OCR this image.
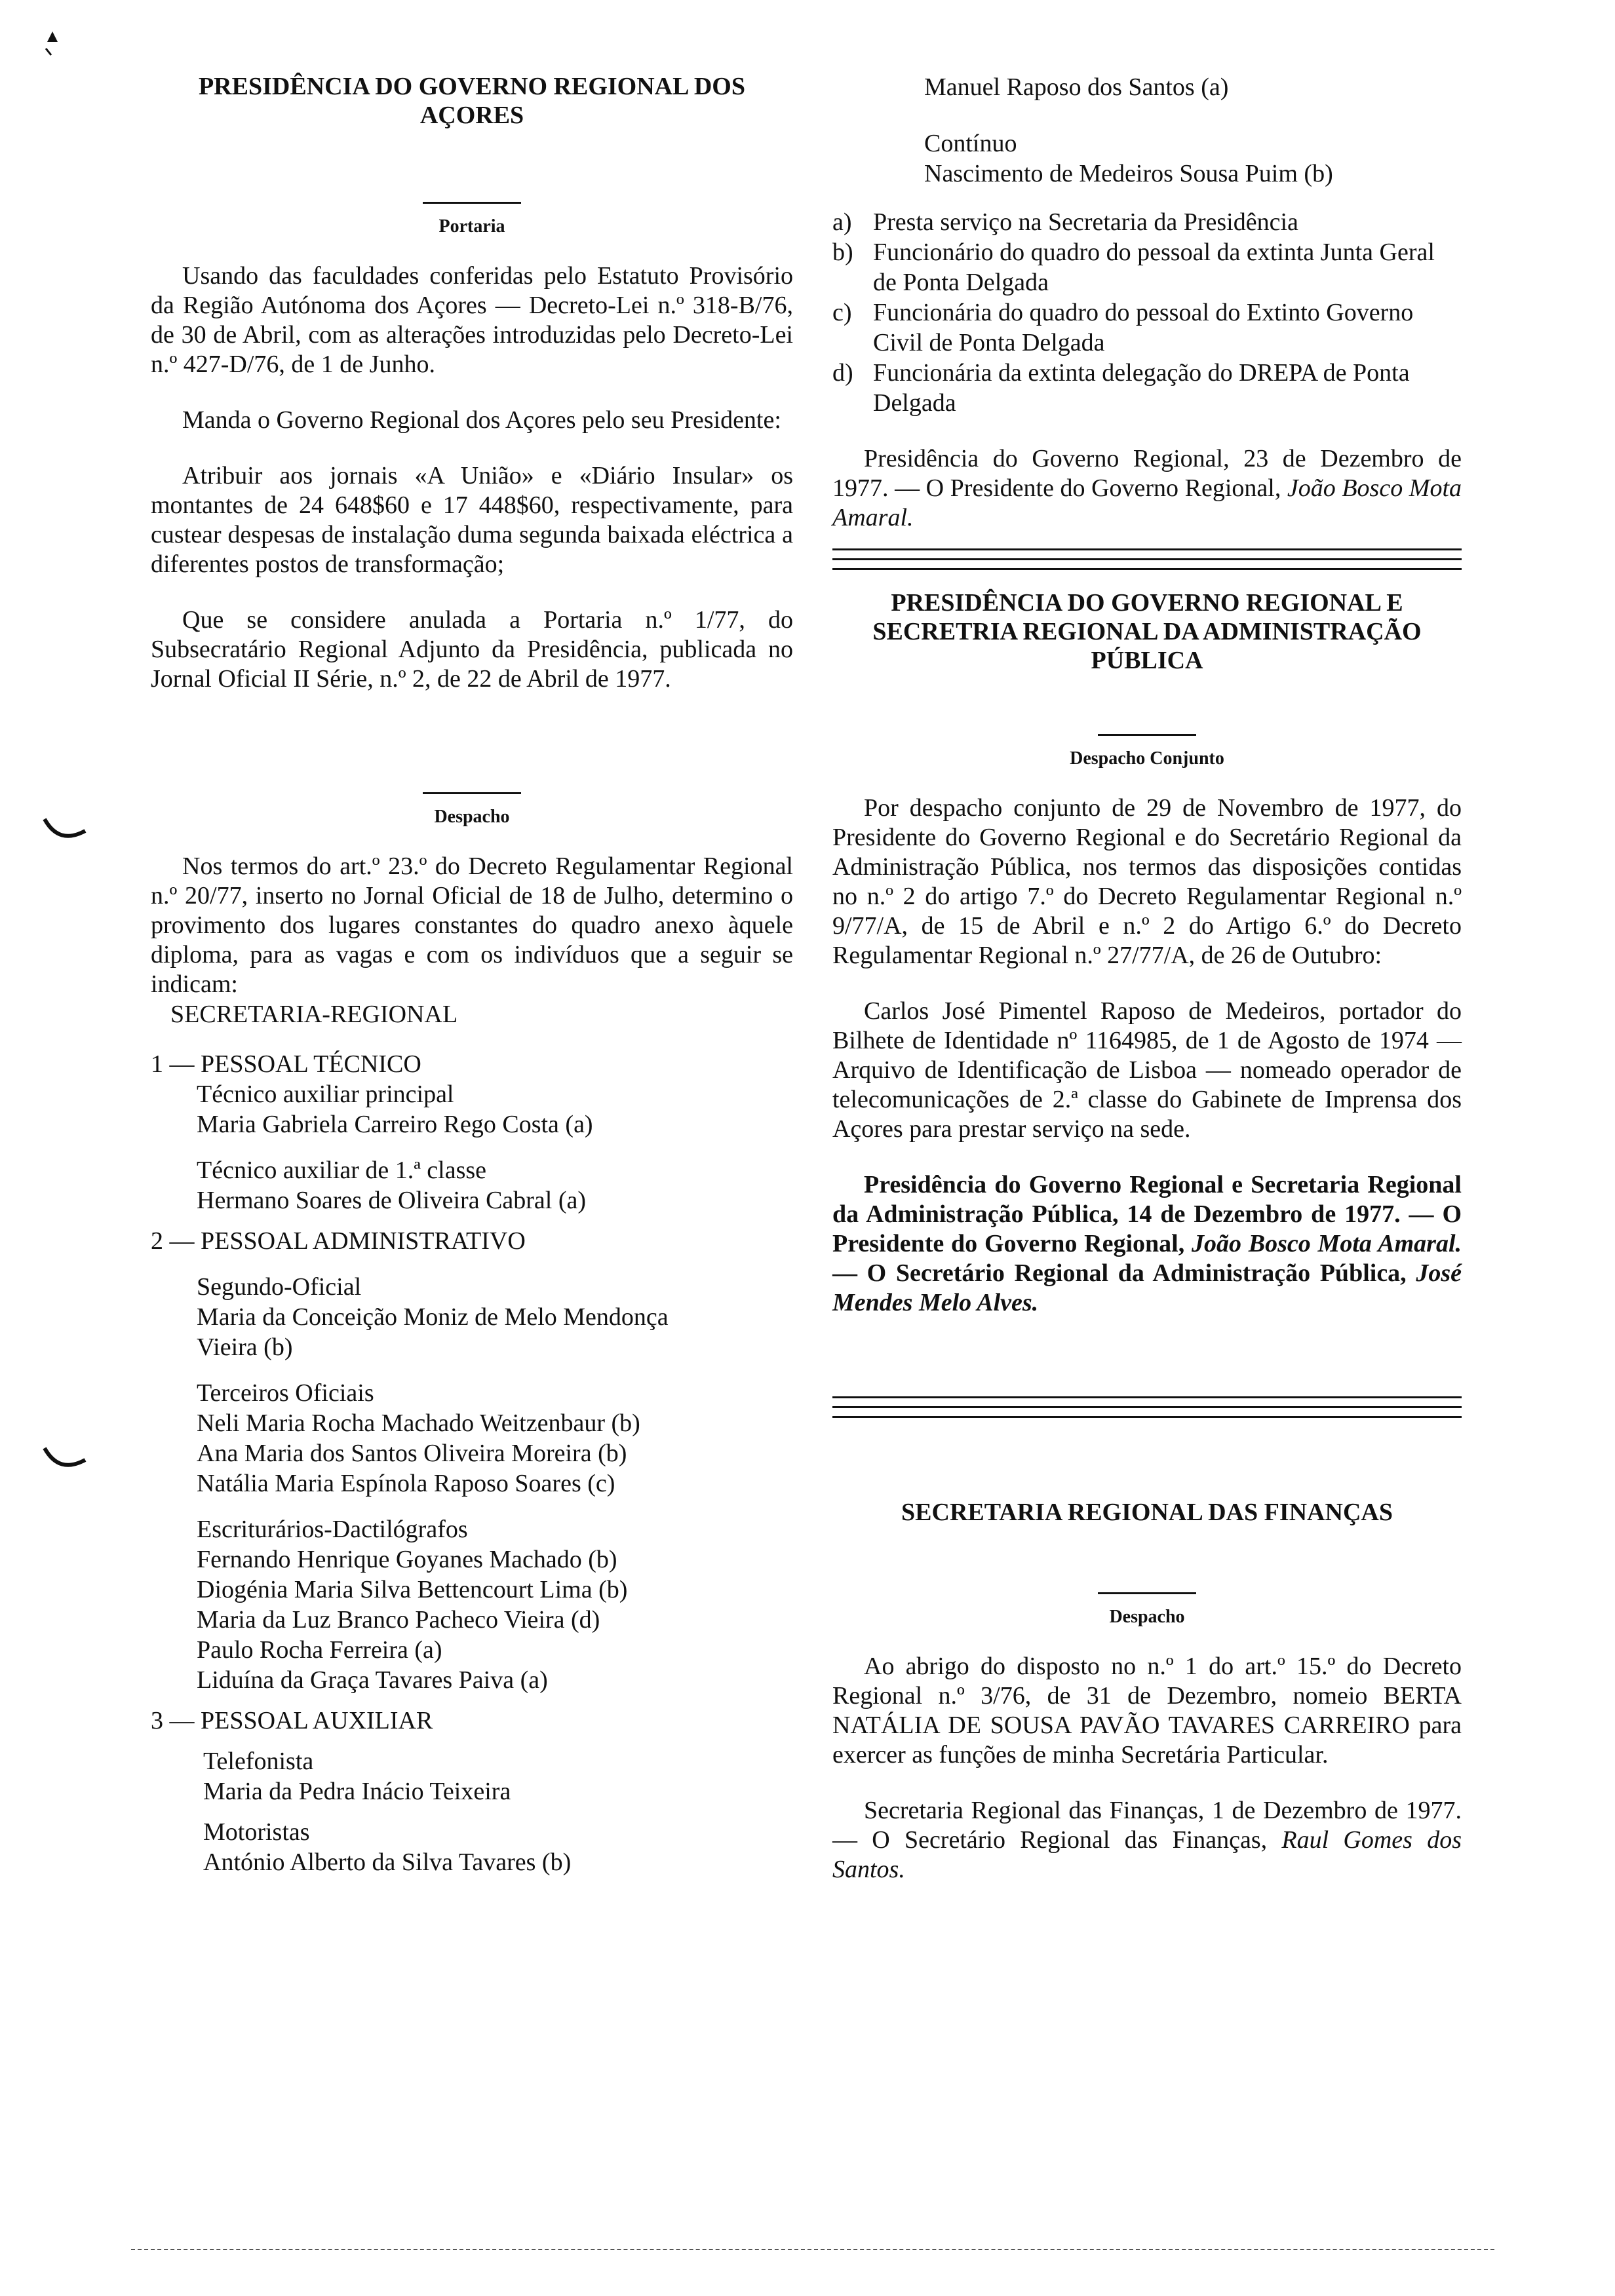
PRESIDÊNCIA DO GOVERNO REGIONAL DOS AÇORES
Portaria

Usando das faculdades conferidas pelo Estatuto Provisório da Região Autónoma dos Açores — Decreto-Lei n.º 318-B/76, de 30 de Abril, com as alterações introduzidas pelo Decreto-Lei n.º 427-D/76, de 1 de Junho.

Manda o Governo Regional dos Açores pelo seu Presidente:

Atribuir aos jornais «A União» e «Diário Insular» os montantes de 24 648$60 e 17 448$60, respectivamente, para custear despesas de instalação duma segunda baixada eléctrica a diferentes postos de transformação;

Que se considere anulada a Portaria n.º 1/77, do Subsecratário Regional Adjunto da Presidência, publicada no Jornal Oficial II Série, n.º 2, de 22 de Abril de 1977.

Despacho

Nos termos do art.º 23.º do Decreto Regulamentar Regional n.º 20/77, inserto no Jornal Oficial de 18 de Julho, determino o provimento dos lugares constantes do quadro anexo àquele diploma, para as vagas e com os indivíduos que a seguir se indicam:

SECRETARIA-REGIONAL
1 — PESSOAL TÉCNICO
Técnico auxiliar principal
Maria Gabriela Carreiro Rego Costa (a)
Técnico auxiliar de 1.ª classe
Hermano Soares de Oliveira Cabral (a)
2 — PESSOAL ADMINISTRATIVO
Segundo-Oficial
Maria da Conceição Moniz de Melo Mendonça
Vieira (b)
Terceiros Oficiais
Neli Maria Rocha Machado Weitzenbaur (b)
Ana Maria dos Santos Oliveira Moreira (b)
Natália Maria Espínola Raposo Soares (c)
Escriturários-Dactilógrafos
Fernando Henrique Goyanes Machado (b)
Diogénia Maria Silva Bettencourt Lima (b)
Maria da Luz Branco Pacheco Vieira (d)
Paulo Rocha Ferreira (a)
Liduína da Graça Tavares Paiva (a)
3 — PESSOAL AUXILIAR
Telefonista
Maria da Pedra Inácio Teixeira
Motoristas
António Alberto da Silva Tavares (b)
Manuel Raposo dos Santos (a)
Contínuo
Nascimento de Medeiros Sousa Puim (b)
a) Presta serviço na Secretaria da Presidência
b) Funcionário do quadro do pessoal da extinta Junta Geral de Ponta Delgada
c) Funcionária do quadro do pessoal do Extinto Governo Civil de Ponta Delgada
d) Funcionária da extinta delegação do DREPA de Ponta Delgada

Presidência do Governo Regional, 23 de Dezembro de 1977. — O Presidente do Governo Regional, João Bosco Mota Amaral.

PRESIDÊNCIA DO GOVERNO REGIONAL E SECRETRIA REGIONAL DA ADMINISTRAÇÃO PÚBLICA
Despacho Conjunto

Por despacho conjunto de 29 de Novembro de 1977, do Presidente do Governo Regional e do Secretário Regional da Administração Pública, nos termos das disposições contidas no n.º 2 do artigo 7.º do Decreto Regulamentar Regional n.º 9/77/A, de 15 de Abril e n.º 2 do Artigo 6.º do Decreto Regulamentar Regional n.º 27/77/A, de 26 de Outubro:

Carlos José Pimentel Raposo de Medeiros, portador do Bilhete de Identidade nº 1164985, de 1 de Agosto de 1974 — Arquivo de Identificação de Lisboa — nomeado operador de telecomunicações de 2.ª classe do Gabinete de Imprensa dos Açores para prestar serviço na sede.

Presidência do Governo Regional e Secretaria Regional da Administração Pública, 14 de Dezembro de 1977. — O Presidente do Governo Regional, João Bosco Mota Amaral. — O Secretário Regional da Administração Pública, José Mendes Melo Alves.

SECRETARIA REGIONAL DAS FINANÇAS
Despacho

Ao abrigo do disposto no n.º 1 do art.º 15.º do Decreto Regional n.º 3/76, de 31 de Dezembro, nomeio BERTA NATÁLIA DE SOUSA PAVÃO TAVARES CARREIRO para exercer as funções de minha Secretária Particular.

Secretaria Regional das Finanças, 1 de Dezembro de 1977. — O Secretário Regional das Finanças, Raul Gomes dos Santos.
